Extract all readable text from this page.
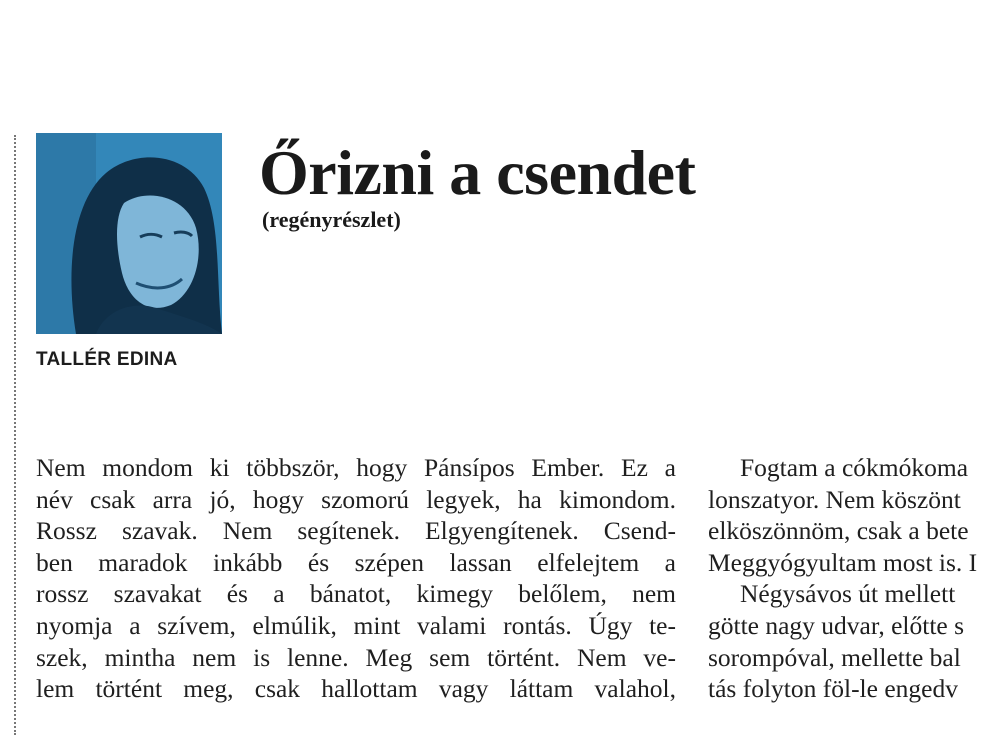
TALLÉR EDINA
Őrizni a csendet
(regényrészlet)
Nem mondom ki többször, hogy Pánsípos Ember. Ez a
név csak arra jó, hogy szomorú legyek, ha kimondom.
Rossz szavak. Nem segítenek. Elgyengítenek. Csend-
ben maradok inkább és szépen lassan elfelejtem a
rossz szavakat és a bánatot, kimegy belőlem, nem
nyomja a szívem, elmúlik, mint valami rontás. Úgy te-
szek, mintha nem is lenne. Meg sem történt. Nem ve-
lem történt meg, csak hallottam vagy láttam valahol,
Fogtam a cókmókoma
lonszatyor. Nem köszönt
elköszönnöm, csak a bete
Meggyógyultam most is. I
Négysávos út mellett
götte nagy udvar, előtte s
sorompóval, mellette bal
tás folyton föl-le engedv
